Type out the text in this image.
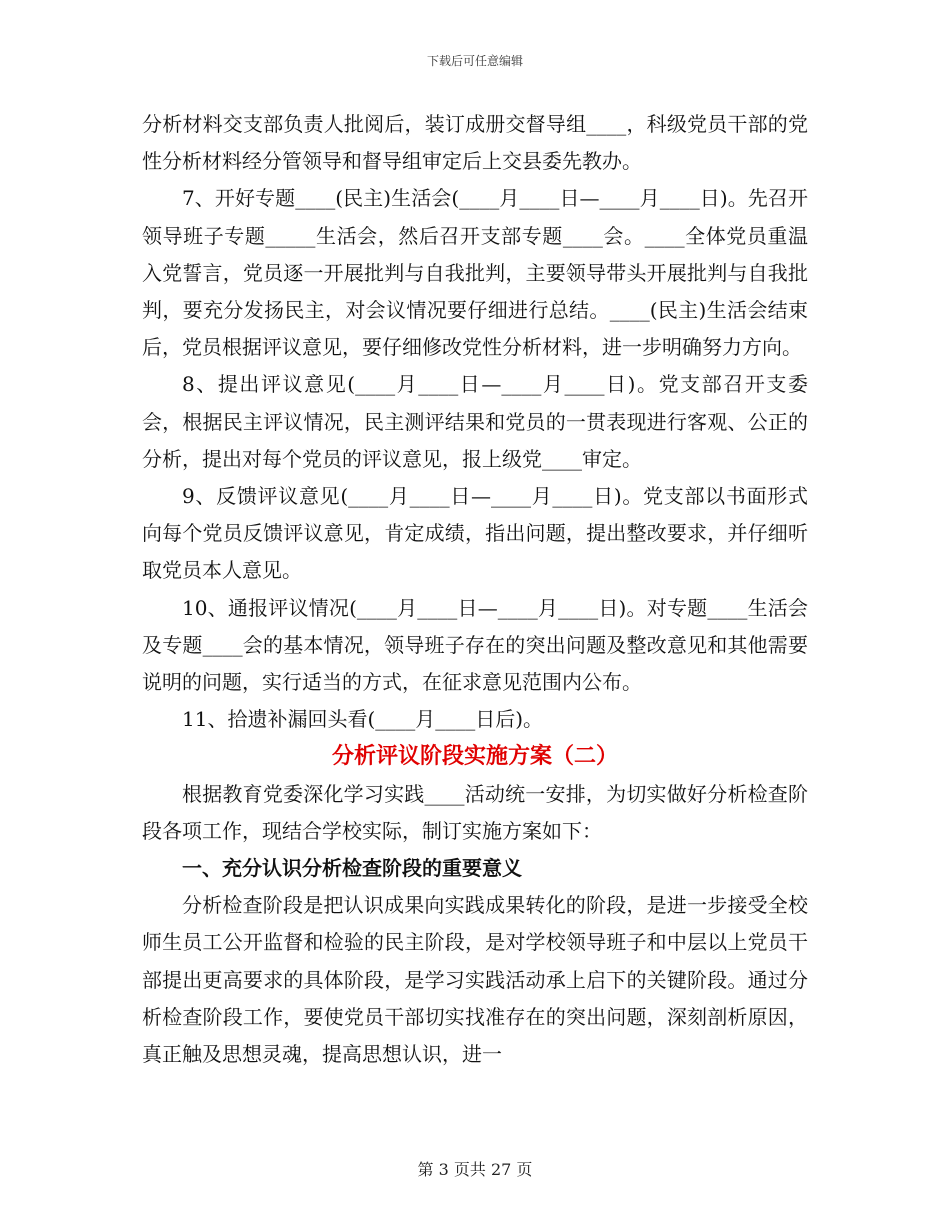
下载后可任意编辑

分析材料交支部负责人批阅后，装订成册交督导组____，科级党员干部的党性分析材料经分管领导和督导组审定后上交县委先教办。

7、开好专题____(民主)生活会(____月____日—____月____日)。先召开领导班子专题_____生活会，然后召开支部专题____会。____全体党员重温入党誓言，党员逐一开展批判与自我批判，主要领导带头开展批判与自我批判，要充分发扬民主，对会议情况要仔细进行总结。____(民主)生活会结束后，党员根据评议意见，要仔细修改党性分析材料，进一步明确努力方向。

8、提出评议意见(____月____日—____月____日)。党支部召开支委会，根据民主评议情况，民主测评结果和党员的一贯表现进行客观、公正的分析，提出对每个党员的评议意见，报上级党____审定。

9、反馈评议意见(____月____日—____月____日)。党支部以书面形式向每个党员反馈评议意见，肯定成绩，指出问题，提出整改要求，并仔细听取党员本人意见。

10、通报评议情况(____月____日—____月____日)。对专题____生活会及专题____会的基本情况，领导班子存在的突出问题及整改意见和其他需要说明的问题，实行适当的方式，在征求意见范围内公布。

11、拾遗补漏回头看(____月____日后)。

分析评议阶段实施方案（二）

根据教育党委深化学习实践____活动统一安排，为切实做好分析检查阶段各项工作，现结合学校实际，制订实施方案如下：

一、充分认识分析检查阶段的重要意义

分析检查阶段是把认识成果向实践成果转化的阶段，是进一步接受全校师生员工公开监督和检验的民主阶段，是对学校领导班子和中层以上党员干部提出更高要求的具体阶段，是学习实践活动承上启下的关键阶段。通过分析检查阶段工作，要使党员干部切实找准存在的突出问题，深刻剖析原因，真正触及思想灵魂，提高思想认识，进一

第 3 页共 27 页
